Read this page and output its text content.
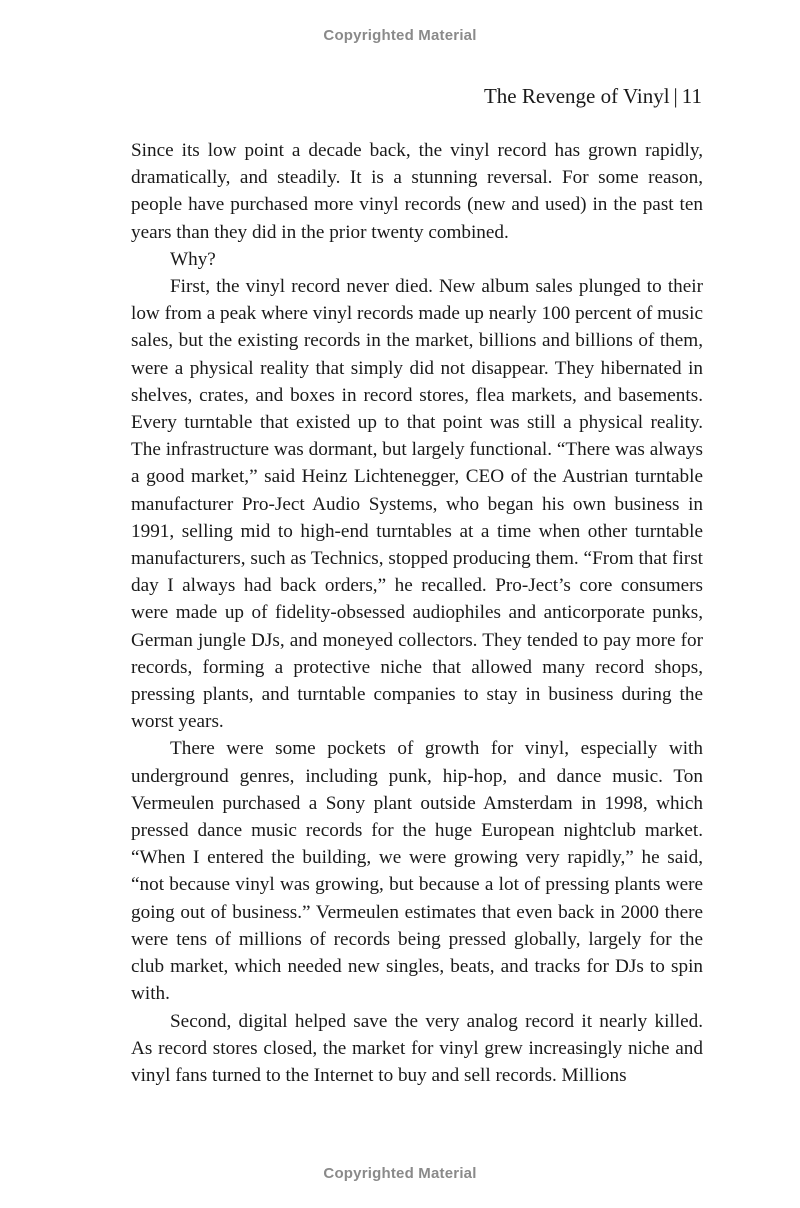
Copyrighted Material
The Revenge of Vinyl | 11

Since its low point a decade back, the vinyl record has grown rapidly, dramatically, and steadily. It is a stunning reversal. For some reason, people have purchased more vinyl records (new and used) in the past ten years than they did in the prior twenty combined.

Why?

First, the vinyl record never died. New album sales plunged to their low from a peak where vinyl records made up nearly 100 percent of music sales, but the existing records in the market, billions and billions of them, were a physical reality that simply did not disappear. They hibernated in shelves, crates, and boxes in record stores, flea markets, and basements. Every turntable that existed up to that point was still a physical reality. The infrastructure was dormant, but largely functional. “There was always a good market,” said Heinz Lichtenegger, CEO of the Austrian turntable manufacturer Pro-Ject Audio Systems, who began his own business in 1991, selling mid to high-end turntables at a time when other turntable manufacturers, such as Technics, stopped producing them. “From that first day I always had back orders,” he recalled. Pro-Ject’s core consumers were made up of fidelity-obsessed audiophiles and anticorporate punks, German jungle DJs, and moneyed collectors. They tended to pay more for records, forming a protective niche that allowed many record shops, pressing plants, and turntable companies to stay in business during the worst years.

There were some pockets of growth for vinyl, especially with underground genres, including punk, hip-hop, and dance music. Ton Vermeulen purchased a Sony plant outside Amsterdam in 1998, which pressed dance music records for the huge European nightclub market. “When I entered the building, we were growing very rapidly,” he said, “not because vinyl was growing, but because a lot of pressing plants were going out of business.” Vermeulen estimates that even back in 2000 there were tens of millions of records being pressed globally, largely for the club market, which needed new singles, beats, and tracks for DJs to spin with.

Second, digital helped save the very analog record it nearly killed. As record stores closed, the market for vinyl grew increasingly niche and vinyl fans turned to the Internet to buy and sell records. Millions

Copyrighted Material
